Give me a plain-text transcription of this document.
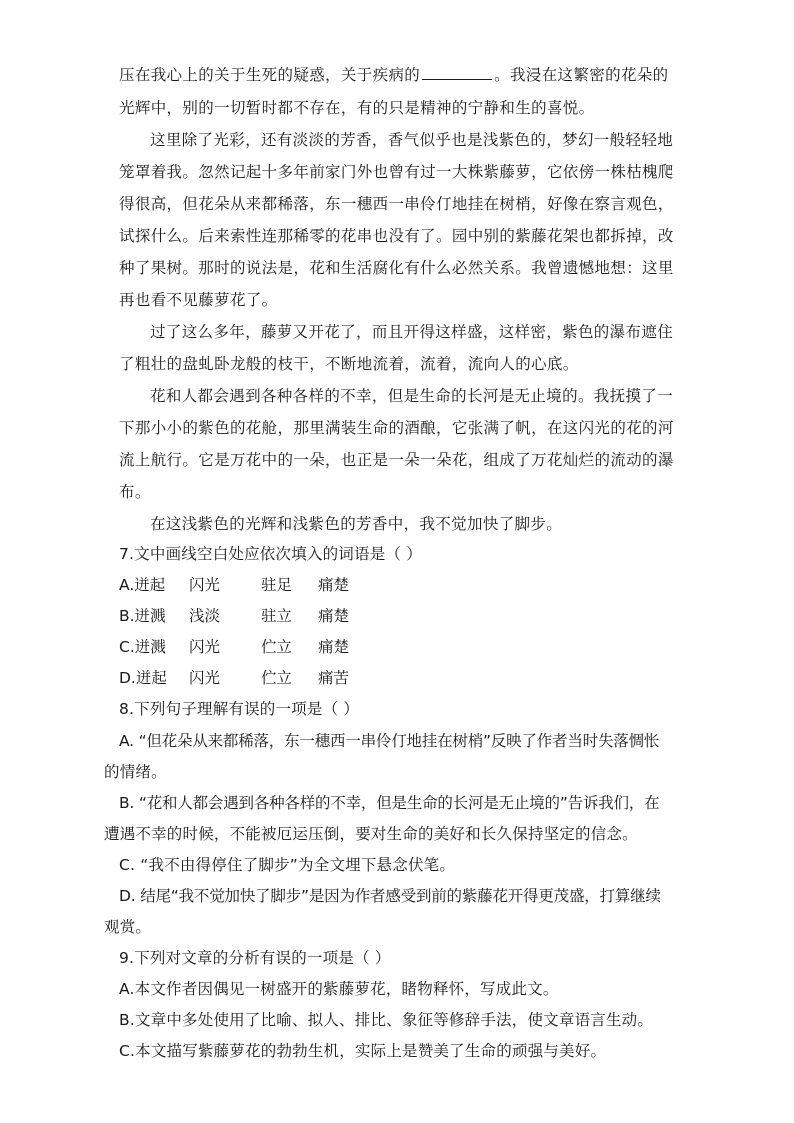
压在我心上的关于生死的疑惑，关于疾病的	。我浸在这繁密的花朵的
光辉中，别的一切暂时都不存在，有的只是精神的宁静和生的喜悦。
这里除了光彩，还有淡淡的芳香，香气似乎也是浅紫色的，梦幻一般轻轻地
笼罩着我。忽然记起十多年前家门外也曾有过一大株紫藤萝，它依傍一株枯槐爬
得很高，但花朵从来都稀落，东一穗西一串伶仃地挂在树梢，好像在察言观色，
试探什么。后来索性连那稀零的花串也没有了。园中别的紫藤花架也都拆掉，改
种了果树。那时的说法是，花和生活腐化有什么必然关系。我曾遗憾地想：这里
再也看不见藤萝花了。
过了这么多年，藤萝又开花了，而且开得这样盛，这样密，紫色的瀑布遮住
了粗壮的盘虬卧龙般的枝干，不断地流着，流着，流向人的心底。
花和人都会遇到各种各样的不幸，但是生命的长河是无止境的。我抚摸了一
下那小小的紫色的花舱，那里满装生命的酒酿，它张满了帆，在这闪光的花的河
流上航行。它是万花中的一朵，也正是一朵一朵花，组成了万花灿烂的流动的瀑
布。
在这浅紫色的光辉和浅紫色的芳香中，我不觉加快了脚步。
7.文中画线空白处应依次填入的词语是（ ）
A.迸起 闪光	驻足 痛楚
B.迸溅 浅淡	驻立 痛楚
C.迸溅 闪光	伫立 痛楚
D.迸起 闪光	伫立 痛苦
8.下列句子理解有误的一项是（ ）
A. “但花朵从来都稀落，东一穗西一串伶仃地挂在树梢”反映了作者当时失落惆怅
的情绪。
B. “花和人都会遇到各种各样的不幸，但是生命的长河是无止境的”告诉我们，在
遭遇不幸的时候，不能被厄运压倒，要对生命的美好和长久保持坚定的信念。
C. “我不由得停住了脚步”为全文埋下悬念伏笔。
D. 结尾“我不觉加快了脚步”是因为作者感受到前的紫藤花开得更茂盛，打算继续
观赏。
9.下列对文章的分析有误的一项是（ ）
A.本文作者因偶见一树盛开的紫藤萝花，睹物释怀，写成此文。
B.文章中多处使用了比喻、拟人、排比、象征等修辞手法，使文章语言生动。
C.本文描写紫藤萝花的勃勃生机，实际上是赞美了生命的顽强与美好。
